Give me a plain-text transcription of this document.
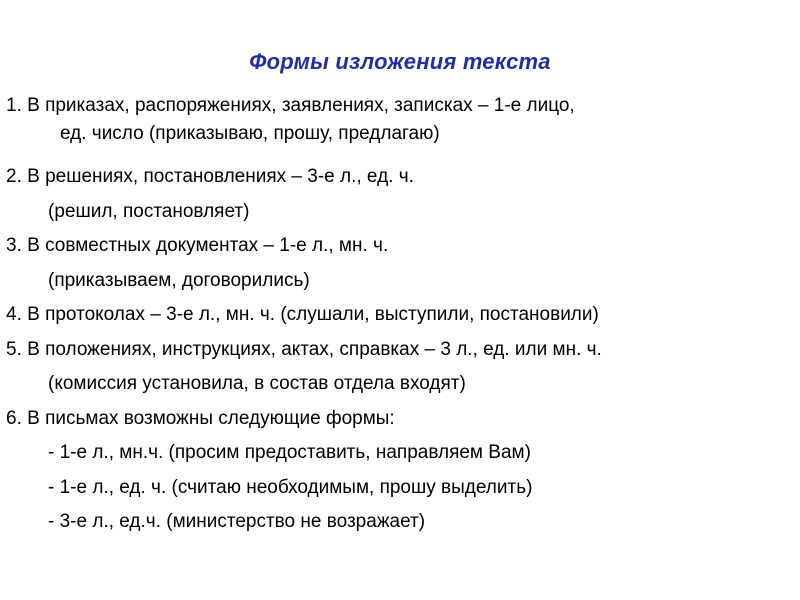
Формы изложения текста
1. В приказах, распоряжениях, заявлениях, записках – 1-е лицо,
ед. число (приказываю, прошу, предлагаю)
2. В решениях, постановлениях – 3-е л., ед. ч.
(решил, постановляет)
3. В совместных документах – 1-е л., мн. ч.
(приказываем, договорились)
4. В протоколах – 3-е л., мн. ч. (слушали, выступили, постановили)
5. В положениях, инструкциях, актах, справках – 3 л., ед. или мн. ч.
(комиссия установила, в состав отдела входят)
6. В письмах возможны следующие формы:
- 1-е л., мн.ч. (просим предоставить, направляем Вам)
- 1-е л., ед. ч. (считаю необходимым, прошу выделить)
- 3-е л., ед.ч. (министерство не возражает)
